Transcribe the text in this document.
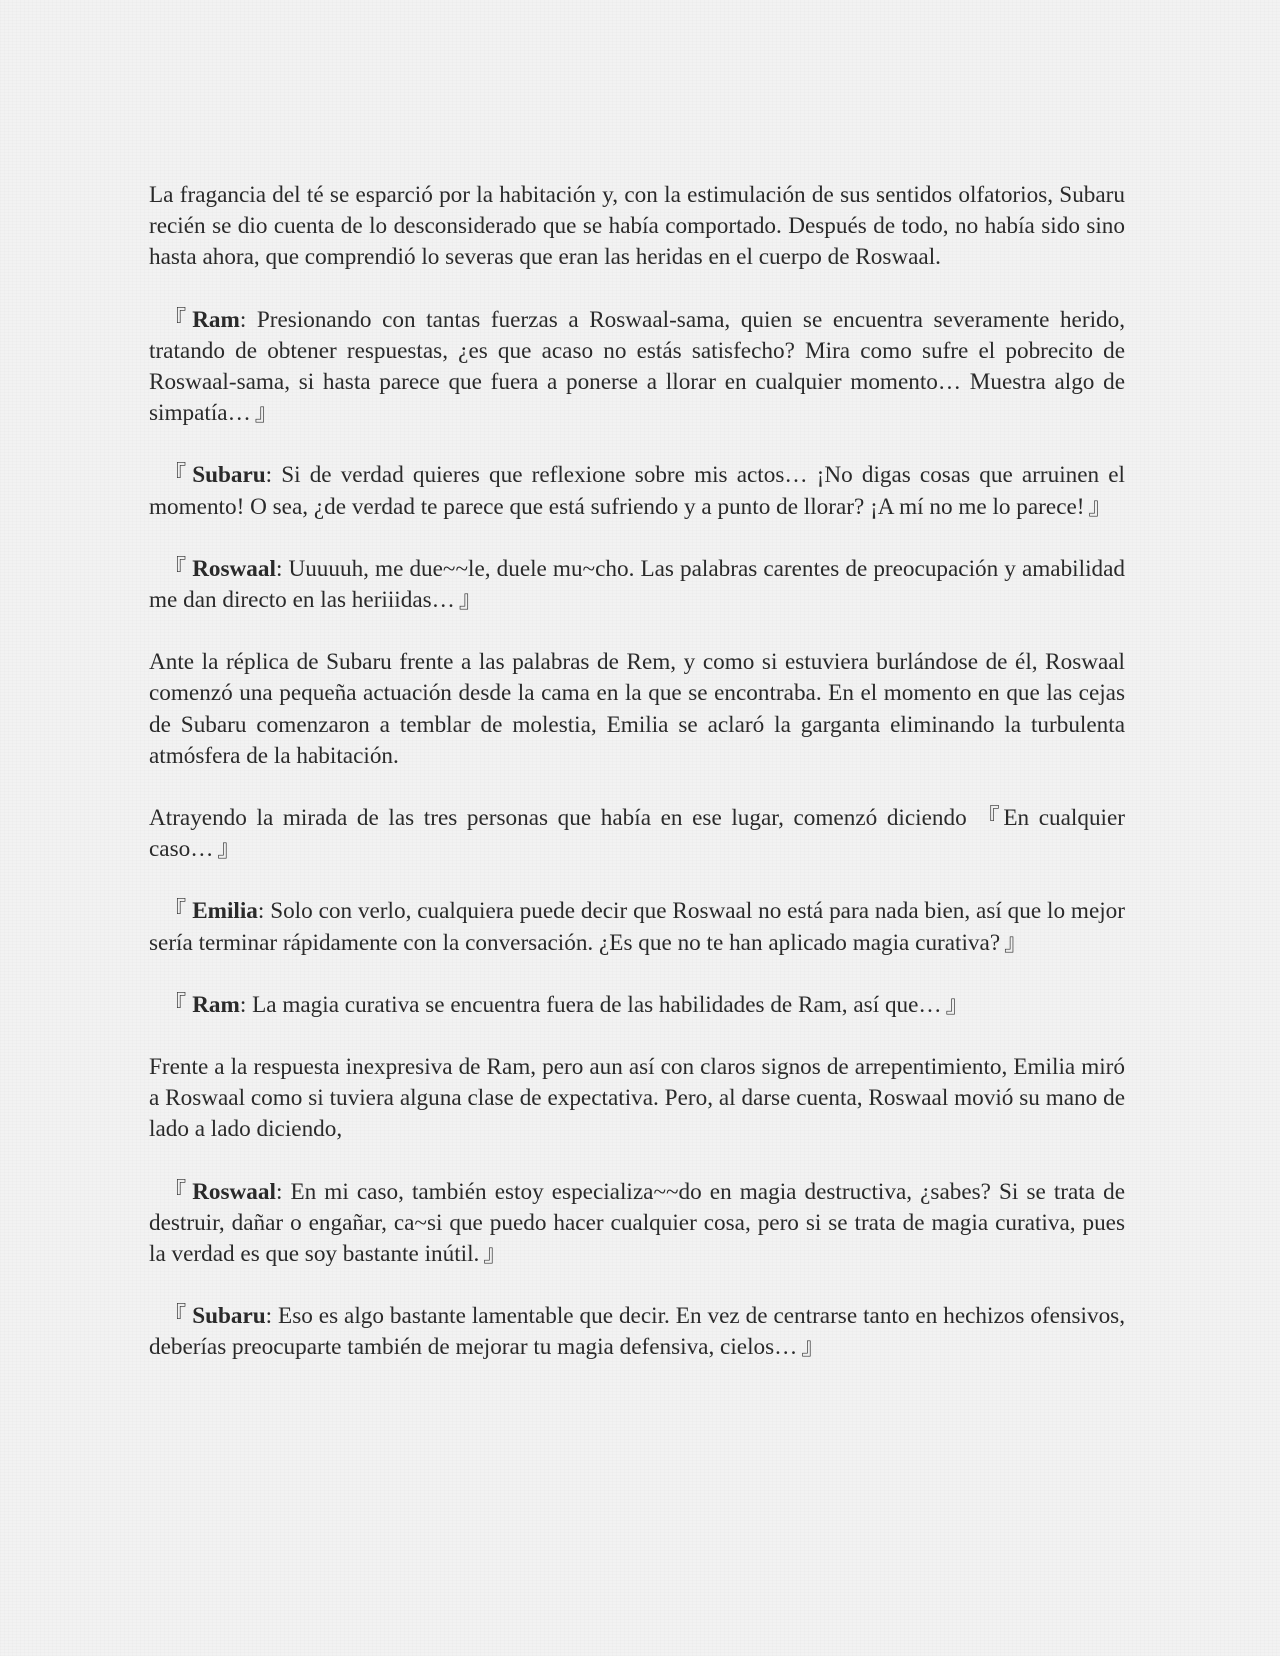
La fragancia del té se esparció por la habitación y, con la estimulación de sus sentidos olfatorios, Subaru recién se dio cuenta de lo desconsiderado que se había comportado. Después de todo, no había sido sino hasta ahora, que comprendió lo severas que eran las heridas en el cuerpo de Roswaal.

『 Ram: Presionando con tantas fuerzas a Roswaal-sama, quien se encuentra severamente herido, tratando de obtener respuestas, ¿es que acaso no estás satisfecho? Mira como sufre el pobrecito de Roswaal-sama, si hasta parece que fuera a ponerse a llorar en cualquier momento… Muestra algo de simpatía… 』

『 Subaru: Si de verdad quieres que reflexione sobre mis actos… ¡No digas cosas que arruinen el momento! O sea, ¿de verdad te parece que está sufriendo y a punto de llorar? ¡A mí no me lo parece! 』

『 Roswaal: Uuuuuh, me due~~le, duele mu~cho. Las palabras carentes de preocupación y amabilidad me dan directo en las heriiidas… 』

Ante la réplica de Subaru frente a las palabras de Rem, y como si estuviera burlándose de él, Roswaal comenzó una pequeña actuación desde la cama en la que se encontraba. En el momento en que las cejas de Subaru comenzaron a temblar de molestia, Emilia se aclaró la garganta eliminando la turbulenta atmósfera de la habitación.

Atrayendo la mirada de las tres personas que había en ese lugar, comenzó diciendo 『En cualquier caso… 』

『 Emilia: Solo con verlo, cualquiera puede decir que Roswaal no está para nada bien, así que lo mejor sería terminar rápidamente con la conversación. ¿Es que no te han aplicado magia curativa? 』

『 Ram: La magia curativa se encuentra fuera de las habilidades de Ram, así que… 』

Frente a la respuesta inexpresiva de Ram, pero aun así con claros signos de arrepentimiento, Emilia miró a Roswaal como si tuviera alguna clase de expectativa. Pero, al darse cuenta, Roswaal movió su mano de lado a lado diciendo,

『 Roswaal: En mi caso, también estoy especializa~~do en magia destructiva, ¿sabes? Si se trata de destruir, dañar o engañar, ca~si que puedo hacer cualquier cosa, pero si se trata de magia curativa, pues la verdad es que soy bastante inútil. 』

『 Subaru: Eso es algo bastante lamentable que decir. En vez de centrarse tanto en hechizos ofensivos, deberías preocuparte también de mejorar tu magia defensiva, cielos… 』
